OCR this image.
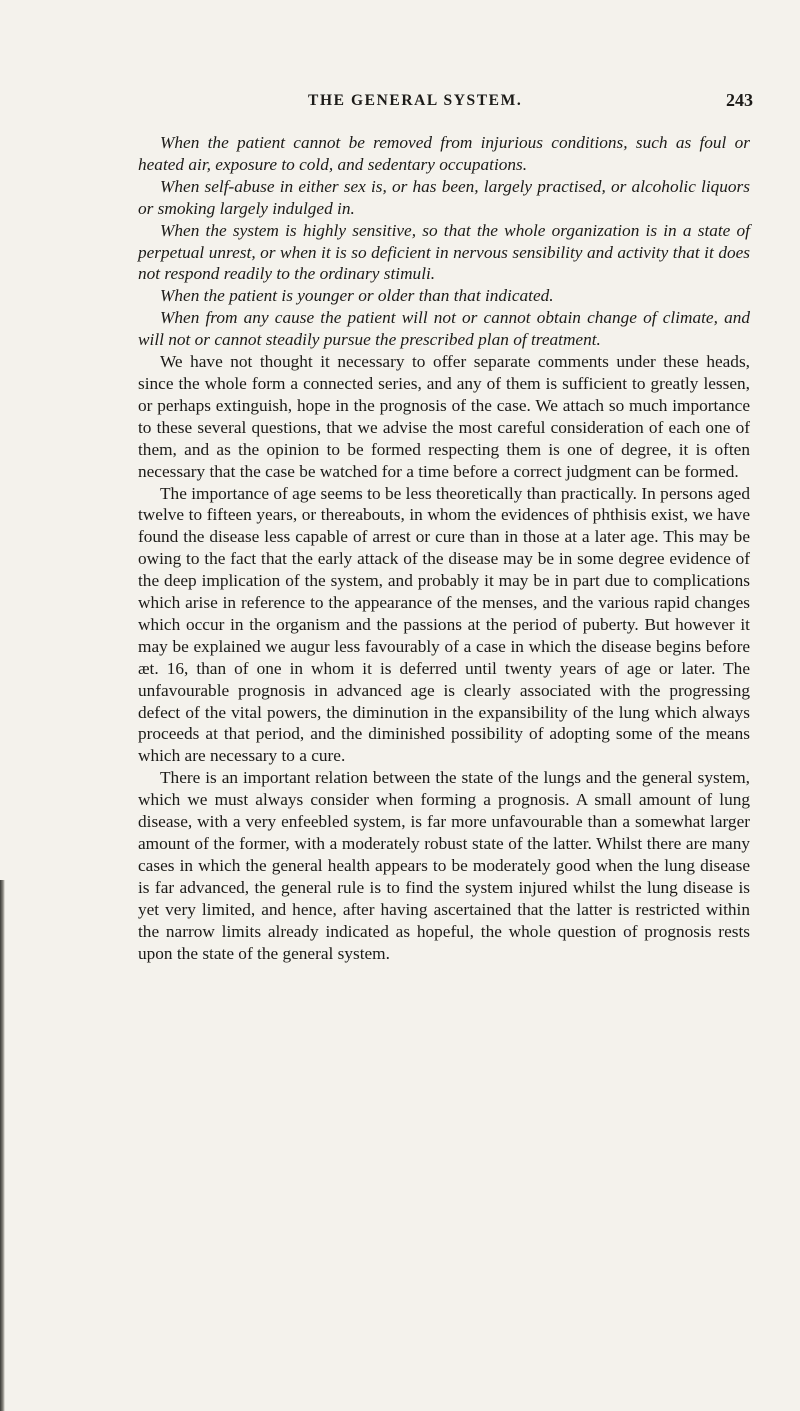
THE GENERAL SYSTEM.	243

When the patient cannot be removed from injurious conditions, such as foul or heated air, exposure to cold, and sedentary occupations.

When self-abuse in either sex is, or has been, largely practised, or alcoholic liquors or smoking largely indulged in.

When the system is highly sensitive, so that the whole organization is in a state of perpetual unrest, or when it is so deficient in nervous sensibility and activity that it does not respond readily to the ordinary stimuli.

When the patient is younger or older than that indicated.

When from any cause the patient will not or cannot obtain change of climate, and will not or cannot steadily pursue the prescribed plan of treatment.

We have not thought it necessary to offer separate comments under these heads, since the whole form a connected series, and any of them is sufficient to greatly lessen, or perhaps extinguish, hope in the prognosis of the case. We attach so much importance to these several questions, that we advise the most careful consideration of each one of them, and as the opinion to be formed respecting them is one of degree, it is often necessary that the case be watched for a time before a correct judgment can be formed.

The importance of age seems to be less theoretically than practically. In persons aged twelve to fifteen years, or thereabouts, in whom the evidences of phthisis exist, we have found the disease less capable of arrest or cure than in those at a later age. This may be owing to the fact that the early attack of the disease may be in some degree evidence of the deep implication of the system, and probably it may be in part due to complications which arise in reference to the appearance of the menses, and the various rapid changes which occur in the organism and the passions at the period of puberty. But however it may be explained we augur less favourably of a case in which the disease begins before æt. 16, than of one in whom it is deferred until twenty years of age or later. The unfavourable prognosis in advanced age is clearly associated with the progressing defect of the vital powers, the diminution in the expansibility of the lung which always proceeds at that period, and the diminished possibility of adopting some of the means which are necessary to a cure.

There is an important relation between the state of the lungs and the general system, which we must always consider when forming a prognosis. A small amount of lung disease, with a very enfeebled system, is far more unfavourable than a somewhat larger amount of the former, with a moderately robust state of the latter. Whilst there are many cases in which the general health appears to be moderately good when the lung disease is far advanced, the general rule is to find the system injured whilst the lung disease is yet very limited, and hence, after having ascertained that the latter is restricted within the narrow limits already indicated as hopeful, the whole question of prognosis rests upon the state of the general system.
